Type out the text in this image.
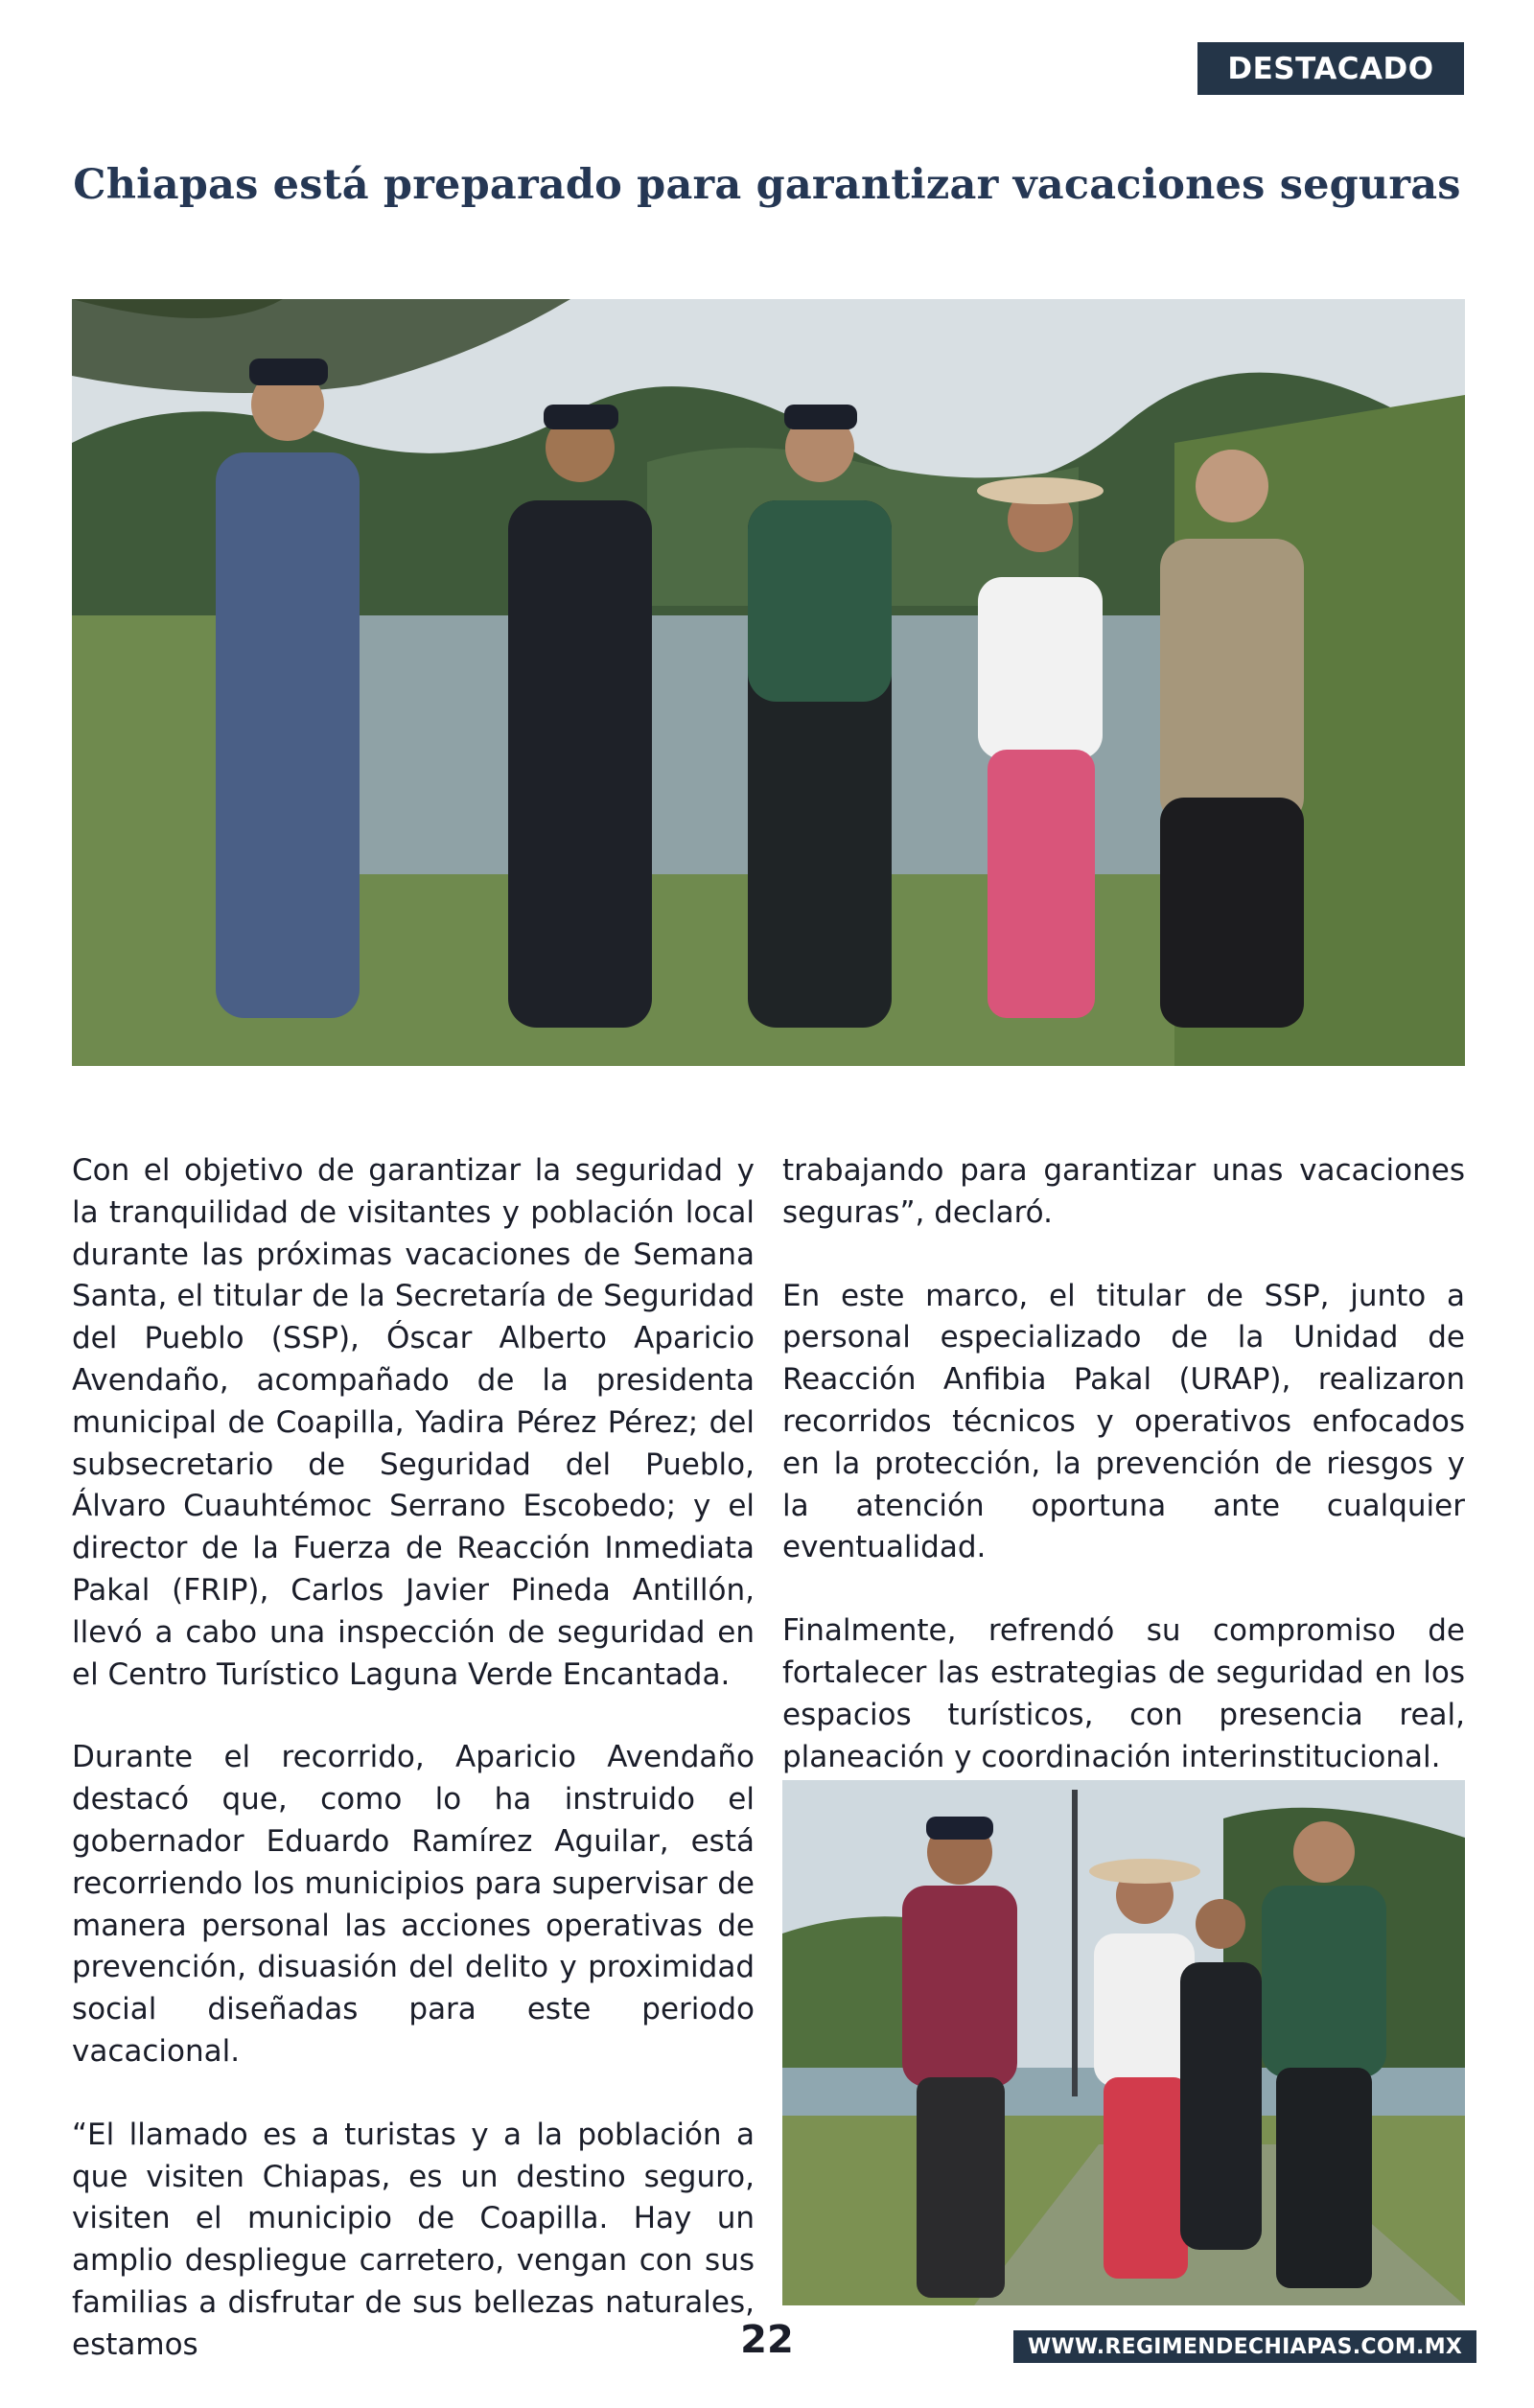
DESTACADO
Chiapas está preparado para garantizar vacaciones seguras

Con el objetivo de garantizar la seguridad y la tranquilidad de visitantes y población local durante las próximas vacaciones de Semana Santa, el titular de la Secretaría de Seguridad del Pueblo (SSP), Óscar Alberto Aparicio Avendaño, acompañado de la presidenta municipal de Coapilla, Yadira Pérez Pérez; del subsecretario de Seguridad del Pueblo, Álvaro Cuauhtémoc Serrano Escobedo; y el director de la Fuerza de Reacción Inmediata Pakal (FRIP), Carlos Javier Pineda Antillón, llevó a cabo una inspección de seguridad en el Centro Turístico Laguna Verde Encantada.

Durante el recorrido, Aparicio Avendaño destacó que, como lo ha instruido el gobernador Eduardo Ramírez Aguilar, está recorriendo los municipios para supervisar de manera personal las acciones operativas de prevención, disuasión del delito y proximidad social diseñadas para este periodo vacacional.

“El llamado es a turistas y a la población a que visiten Chiapas, es un destino seguro, visiten el municipio de Coapilla. Hay un amplio despliegue carretero, vengan con sus familias a disfrutar de sus bellezas naturales, estamos

trabajando para garantizar unas vacaciones seguras”, declaró.

En este marco, el titular de SSP, junto a personal especializado de la Unidad de Reacción Anfibia Pakal (URAP), realizaron recorridos técnicos y operativos enfocados en la protección, la prevención de riesgos y la atención oportuna ante cualquier eventualidad.

Finalmente, refrendó su compromiso de fortalecer las estrategias de seguridad en los espacios turísticos, con presencia real, planeación y coordinación interinstitucional.

22	WWW.REGIMENDECHIAPAS.COM.MX
